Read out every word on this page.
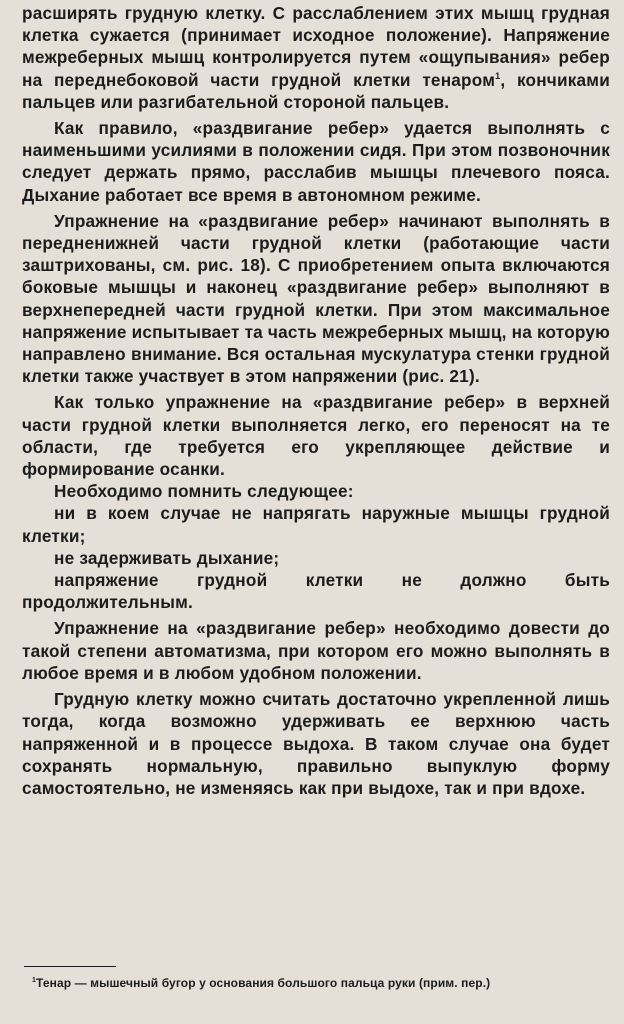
расширять грудную клетку. С расслаблением этих мышц грудная клетка сужается (принимает исходное положение). Напряжение межреберных мышц контролируется путем «ощупывания» ребер на переднебоковой части грудной клетки тенаром$^1$, кончиками пальцев или разгибательной стороной пальцев.

Как правило, «раздвигание ребер» удается выполнять с наименьшими усилиями в положении сидя. При этом позвоночник следует держать прямо, расслабив мышцы плечевого пояса. Дыхание работает все время в автономном режиме.

Упражнение на «раздвигание ребер» начинают выполнять в передненижней части грудной клетки (работающие части заштрихованы, см. рис. 18). С приобретением опыта включаются боковые мышцы и наконец «раздвигание ребер» выполняют в верхнепередней части грудной клетки. При этом максимальное напряжение испытывает та часть межреберных мышц, на которую направлено внимание. Вся остальная мускулатура стенки грудной клетки также участвует в этом напряжении (рис. 21).

Как только упражнение на «раздвигание ребер» в верхней части грудной клетки выполняется легко, его переносят на те области, где требуется его укрепляющее действие и формирование осанки.

Необходимо помнить следующее:

ни в коем случае не напрягать наружные мышцы грудной клетки;

не задерживать дыхание;

напряжение грудной клетки не должно быть продолжительным.

Упражнение на «раздвигание ребер» необходимо довести до такой степени автоматизма, при котором его можно выполнять в любое время и в любом удобном положении.

Грудную клетку можно считать достаточно укрепленной лишь тогда, когда возможно удерживать ее верхнюю часть напряженной и в процессе выдоха. В таком случае она будет сохранять нормальную, правильно выпуклую форму самостоятельно, не изменяясь как при выдохе, так и при вдохе.

$^1$Тенар — мышечный бугор у основания большого пальца руки (прим. пер.)
